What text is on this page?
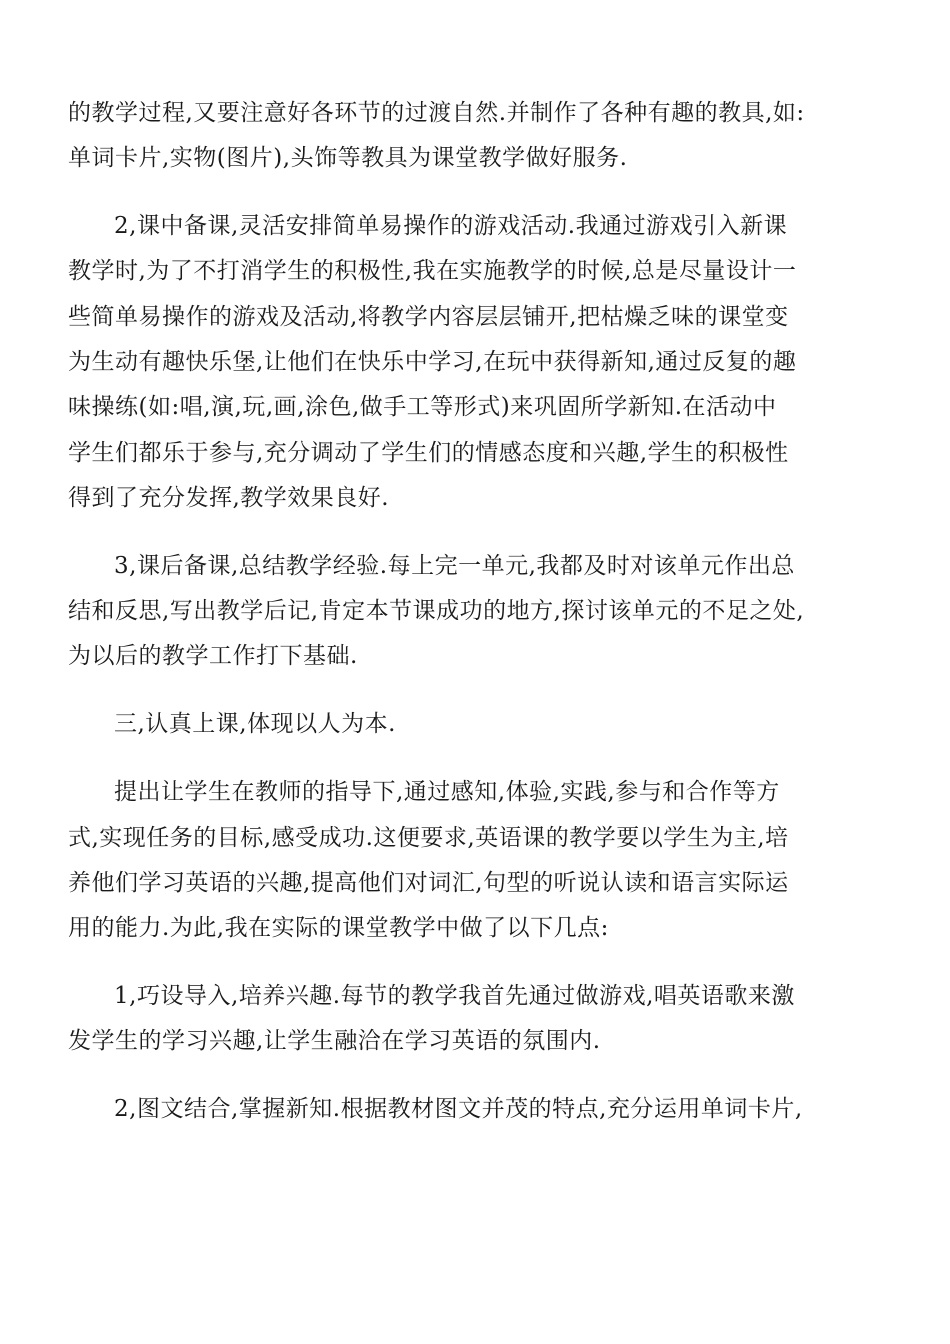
的教学过程,又要注意好各环节的过渡自然.并制作了各种有趣的教具,如:
单词卡片,实物(图片),头饰等教具为课堂教学做好服务.
2,课中备课,灵活安排简单易操作的游戏活动.我通过游戏引入新课
教学时,为了不打消学生的积极性,我在实施教学的时候,总是尽量设计一
些简单易操作的游戏及活动,将教学内容层层铺开,把枯燥乏味的课堂变
为生动有趣快乐堡,让他们在快乐中学习,在玩中获得新知,通过反复的趣
味操练(如:唱,演,玩,画,涂色,做手工等形式)来巩固所学新知.在活动中
学生们都乐于参与,充分调动了学生们的情感态度和兴趣,学生的积极性
得到了充分发挥,教学效果良好.
3,课后备课,总结教学经验.每上完一单元,我都及时对该单元作出总
结和反思,写出教学后记,肯定本节课成功的地方,探讨该单元的不足之处,
为以后的教学工作打下基础.
三,认真上课,体现以人为本.
提出让学生在教师的指导下,通过感知,体验,实践,参与和合作等方
式,实现任务的目标,感受成功.这便要求,英语课的教学要以学生为主,培
养他们学习英语的兴趣,提高他们对词汇,句型的听说认读和语言实际运
用的能力.为此,我在实际的课堂教学中做了以下几点:
1,巧设导入,培养兴趣.每节的教学我首先通过做游戏,唱英语歌来激
发学生的学习兴趣,让学生融洽在学习英语的氛围内.
2,图文结合,掌握新知.根据教材图文并茂的特点,充分运用单词卡片,
